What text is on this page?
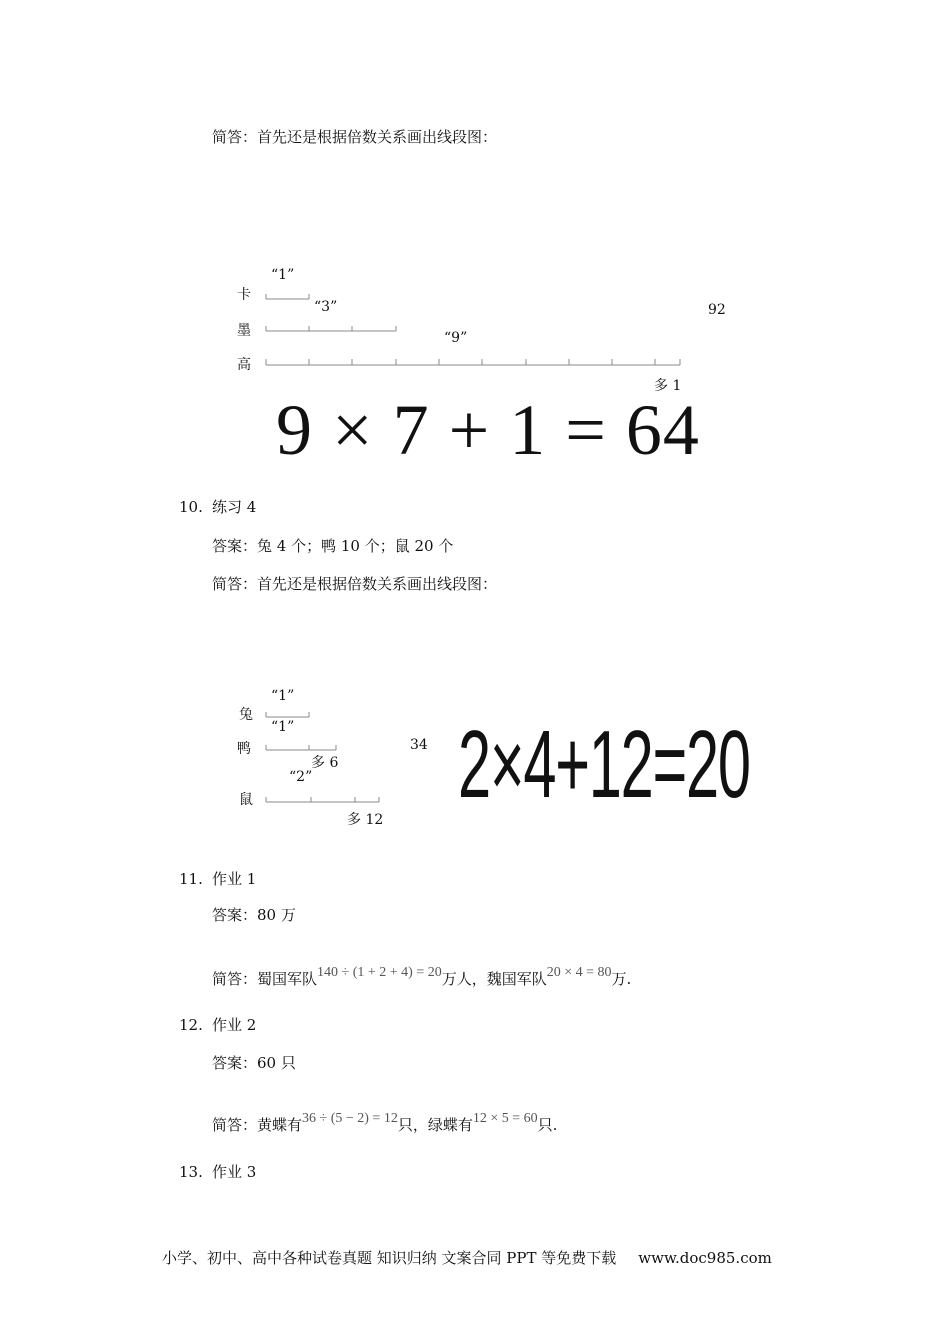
简答：首先还是根据倍数关系画出线段图：
“1”
“3”
“9”
卡
墨
高
92
多 1
9 × 7 + 1 = 64
10. 练习 4
答案：兔 4 个；鸭 10 个；鼠 20 个
简答：首先还是根据倍数关系画出线段图：
“1”
“1”
“2”
兔
鸭
鼠
多 6
多 12
34 2×4+12=20
11. 作业 1
答案：80 万
简答：蜀国军队140 ÷ (1 + 2 + 4) = 20万人，魏国军队20 × 4 = 80万.
12. 作业 2
答案：60 只
简答：黄蝶有36 ÷ (5 − 2) = 12只，绿蝶有12 × 5 = 60只.
13. 作业 3
小学、初中、高中各种试卷真题 知识归纳 文案合同 PPT 等免费下载 www.doc985.com
